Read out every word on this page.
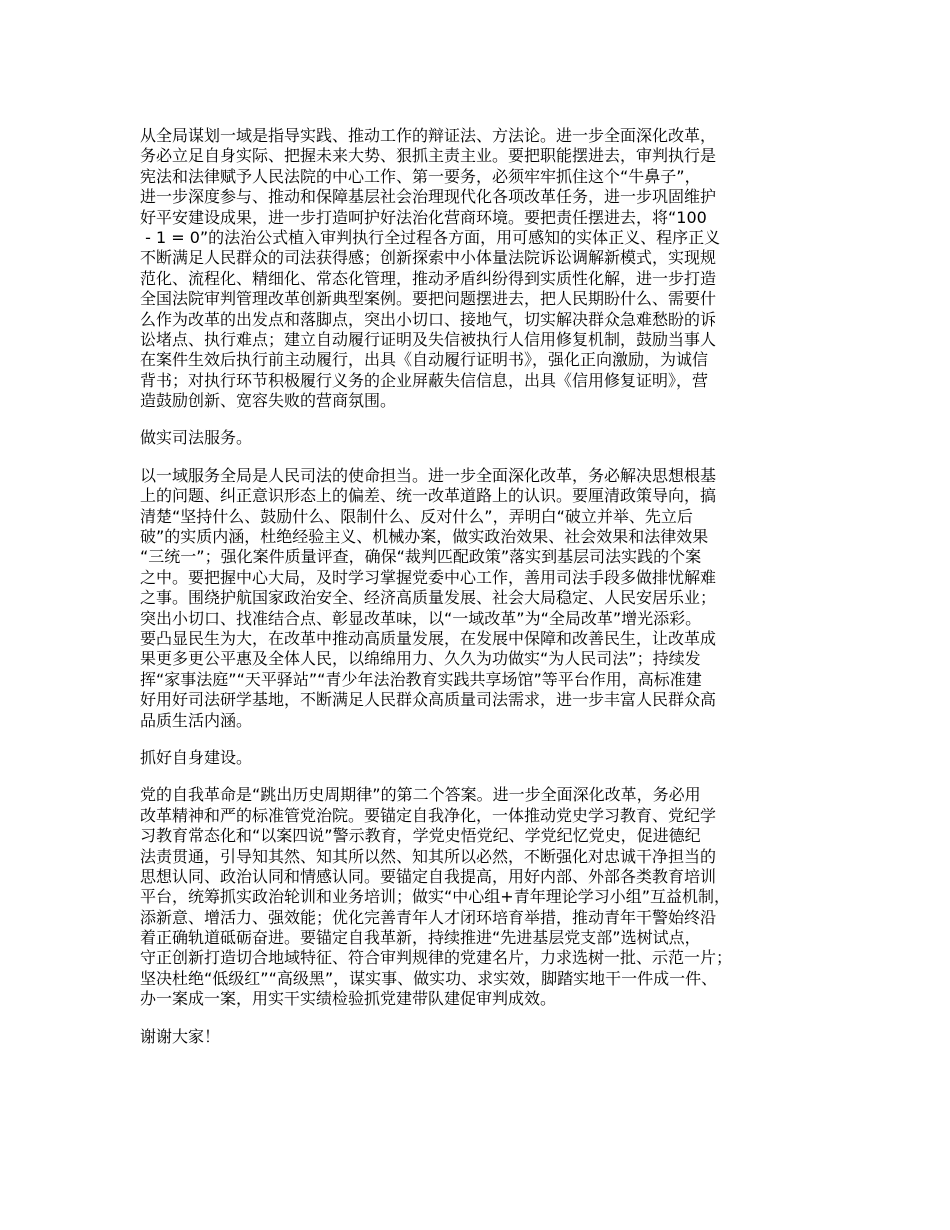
从全局谋划一域是指导实践、推动工作的辩证法、方法论。进一步全面深化改革，
务必立足自身实际、把握未来大势、狠抓主责主业。要把职能摆进去，审判执行是
宪法和法律赋予人民法院的中心工作、第一要务，必须牢牢抓住这个“牛鼻子”，
进一步深度参与、推动和保障基层社会治理现代化各项改革任务，进一步巩固维护
好平安建设成果，进一步打造呵护好法治化营商环境。要把责任摆进去，将“100
- 1 = 0”的法治公式植入审判执行全过程各方面，用可感知的实体正义、程序正义
不断满足人民群众的司法获得感；创新探索中小体量法院诉讼调解新模式，实现规
范化、流程化、精细化、常态化管理，推动矛盾纠纷得到实质性化解，进一步打造
全国法院审判管理改革创新典型案例。要把问题摆进去，把人民期盼什么、需要什
么作为改革的出发点和落脚点，突出小切口、接地气，切实解决群众急难愁盼的诉
讼堵点、执行难点；建立自动履行证明及失信被执行人信用修复机制，鼓励当事人
在案件生效后执行前主动履行，出具《自动履行证明书》，强化正向激励，为诚信
背书；对执行环节积极履行义务的企业屏蔽失信信息，出具《信用修复证明》，营
造鼓励创新、宽容失败的营商氛围。
做实司法服务。
以一域服务全局是人民司法的使命担当。进一步全面深化改革，务必解决思想根基
上的问题、纠正意识形态上的偏差、统一改革道路上的认识。要厘清政策导向，搞
清楚“坚持什么、鼓励什么、限制什么、反对什么”，弄明白“破立并举、先立后
破”的实质内涵，杜绝经验主义、机械办案，做实政治效果、社会效果和法律效果
“三统一”；强化案件质量评查，确保“裁判匹配政策”落实到基层司法实践的个案
之中。要把握中心大局，及时学习掌握党委中心工作，善用司法手段多做排忧解难
之事。围绕护航国家政治安全、经济高质量发展、社会大局稳定、人民安居乐业；
突出小切口、找准结合点、彰显改革味，以“一域改革”为“全局改革”增光添彩。
要凸显民生为大，在改革中推动高质量发展，在发展中保障和改善民生，让改革成
果更多更公平惠及全体人民，以绵绵用力、久久为功做实“为人民司法”；持续发
挥“家事法庭”“天平驿站”“青少年法治教育实践共享场馆”等平台作用，高标准建
好用好司法研学基地，不断满足人民群众高质量司法需求，进一步丰富人民群众高
品质生活内涵。
抓好自身建设。
党的自我革命是“跳出历史周期律”的第二个答案。进一步全面深化改革，务必用
改革精神和严的标准管党治院。要锚定自我净化，一体推动党史学习教育、党纪学
习教育常态化和“以案四说”警示教育，学党史悟党纪、学党纪忆党史，促进德纪
法责贯通，引导知其然、知其所以然、知其所以必然，不断强化对忠诚干净担当的
思想认同、政治认同和情感认同。要锚定自我提高，用好内部、外部各类教育培训
平台，统筹抓实政治轮训和业务培训；做实“中心组+青年理论学习小组”互益机制，
添新意、增活力、强效能；优化完善青年人才闭环培育举措，推动青年干警始终沿
着正确轨道砥砺奋进。要锚定自我革新，持续推进“先进基层党支部”选树试点，
守正创新打造切合地域特征、符合审判规律的党建名片，力求选树一批、示范一片；
坚决杜绝“低级红”“高级黑”，谋实事、做实功、求实效，脚踏实地干一件成一件、
办一案成一案，用实干实绩检验抓党建带队建促审判成效。
谢谢大家！
